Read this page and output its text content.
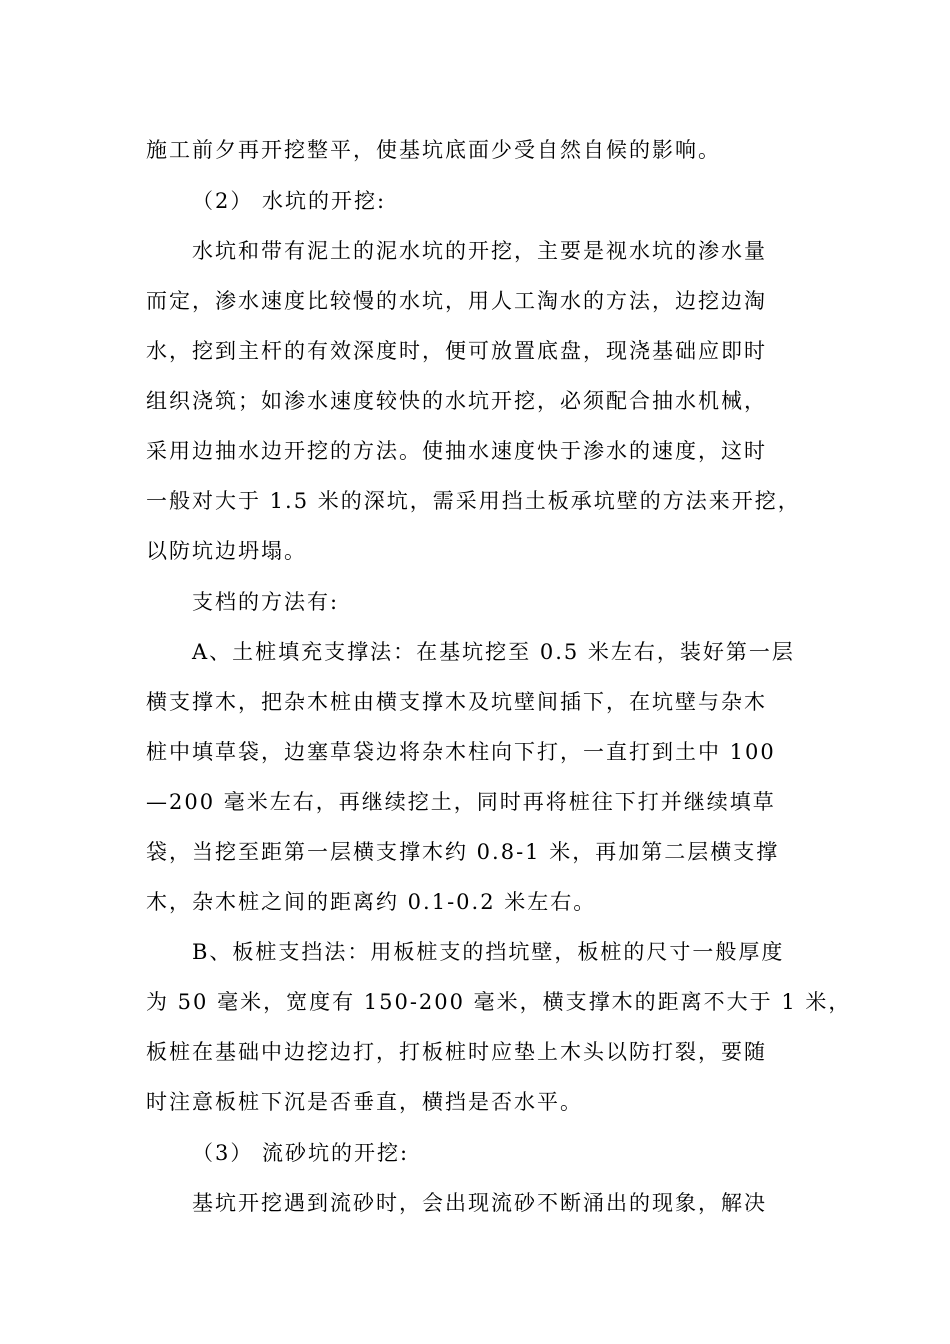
施工前夕再开挖整平，使基坑底面少受自然自候的影响。
（2） 水坑的开挖:
水坑和带有泥土的泥水坑的开挖，主要是视水坑的渗水量
而定，渗水速度比较慢的水坑，用人工淘水的方法，边挖边淘
水，挖到主杆的有效深度时，便可放置底盘，现浇基础应即时
组织浇筑；如渗水速度较快的水坑开挖，必须配合抽水机械，
采用边抽水边开挖的方法。使抽水速度快于渗水的速度，这时
一般对大于 1.5 米的深坑，需采用挡土板承坑壁的方法来开挖，
以防坑边坍塌。
支档的方法有:
A、土桩填充支撑法：在基坑挖至 0.5 米左右，装好第一层
横支撑木，把杂木桩由横支撑木及坑壁间插下，在坑壁与杂木
桩中填草袋，边塞草袋边将杂木柱向下打，一直打到土中 100
—200 毫米左右，再继续挖土，同时再将桩往下打并继续填草
袋，当挖至距第一层横支撑木约 0.8-1 米，再加第二层横支撑
木，杂木桩之间的距离约 0.1-0.2 米左右。
B、板桩支挡法：用板桩支的挡坑壁，板桩的尺寸一般厚度
为 50 毫米，宽度有 150-200 毫米，横支撑木的距离不大于 1 米，
板桩在基础中边挖边打，打板桩时应垫上木头以防打裂，要随
时注意板桩下沉是否垂直，横挡是否水平。
（3） 流砂坑的开挖:
基坑开挖遇到流砂时，会出现流砂不断涌出的现象，解决
